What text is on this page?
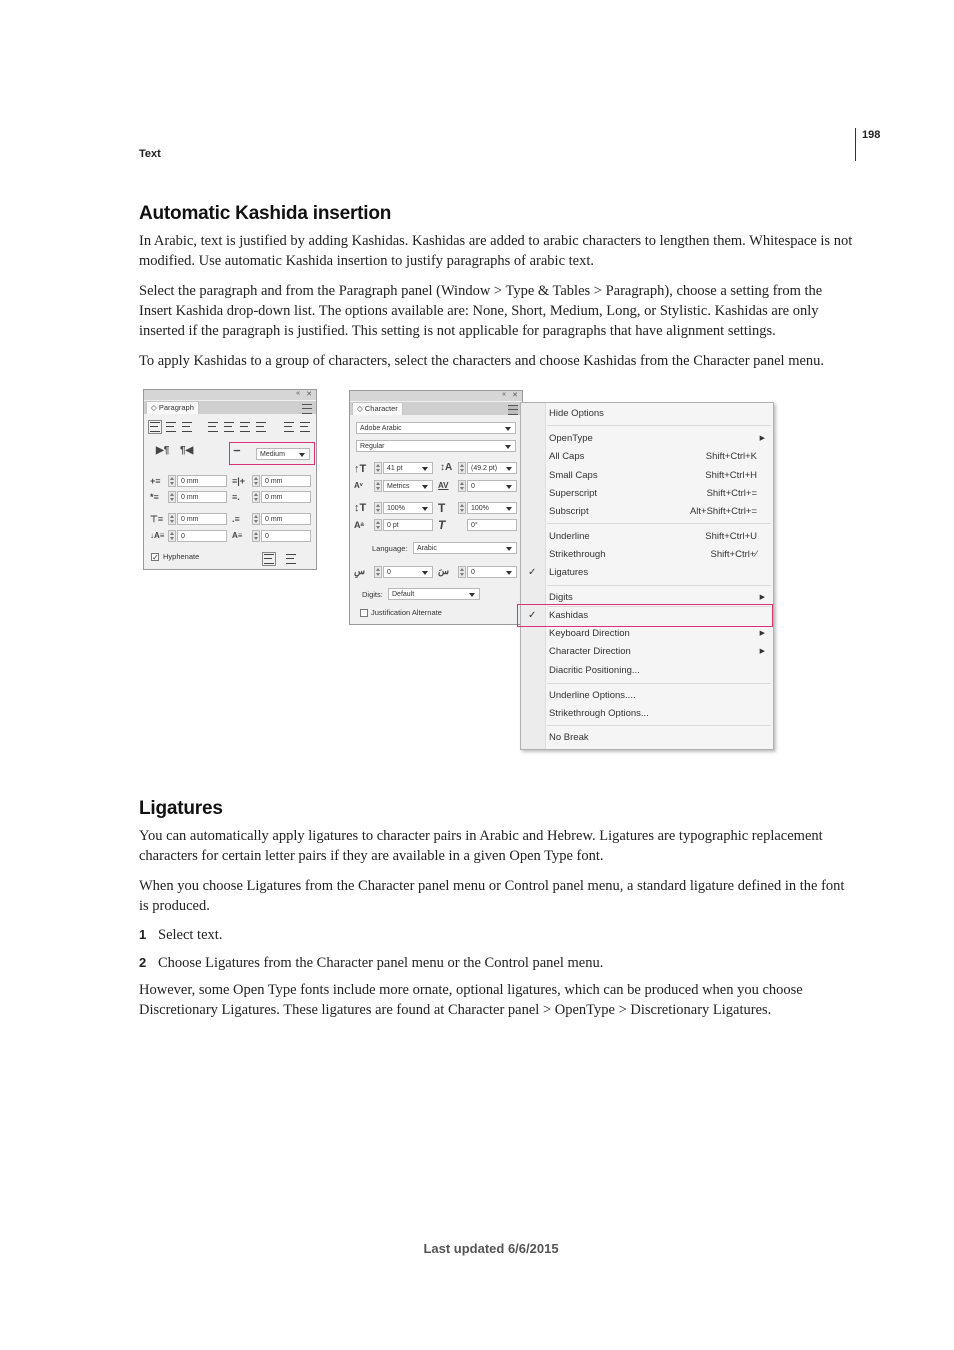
198
Text
Automatic Kashida insertion

In Arabic, text is justified by adding Kashidas. Kashidas are added to arabic characters to lengthen them. Whitespace is not modified. Use automatic Kashida insertion to justify paragraphs of arabic text.

Select the paragraph and from the Paragraph panel (Window > Type & Tables > Paragraph), choose a setting from the Insert Kashida drop-down list. The options available are: None, Short, Medium, Long, or Stylistic. Kashidas are only inserted if the paragraph is justified. This setting is not applicable for paragraphs that have alignment settings.

To apply Kashidas to a group of characters, select the characters and choose Kashidas from the Character panel menu.

« ✕
◇ Paragraph
▶¶ ¶◀	ــ
Medium
+≡	0 mm	≡|+	0 mm
*≡	0 mm	≡.	0 mm
⊤≡	0 mm	.≡	0 mm
↓A≡	0	A≡	0
✓ Hyphenate
« ✕
◇ Character
Adobe Arabic
Regular
↑T	41 pt	↕A	(49.2 pt)
Aᵛ	Metrics	AV	0
↕T	100%	T	100%
Aᵃ	0 pt	T	0°
Language:	Arabic
سِ	0	سَ	0
Digits:	Default
Justification Alternate
Hide Options
OpenType	▶
All Caps	Shift+Ctrl+K
Small Caps	Shift+Ctrl+H
Superscript	Shift+Ctrl+=
Subscript	Alt+Shift+Ctrl+=
Underline	Shift+Ctrl+U
Strikethrough	Shift+Ctrl+⁄
✓ Ligatures
Digits	▶
✓ Kashidas
Keyboard Direction	▶
Character Direction	▶
Diacritic Positioning...
Underline Options....
Strikethrough Options...
No Break
Ligatures

You can automatically apply ligatures to character pairs in Arabic and Hebrew. Ligatures are typographic replacement characters for certain letter pairs if they are available in a given Open Type font.

When you choose Ligatures from the Character panel menu or Control panel menu, a standard ligature defined in the font is produced.

1 Select text.
2 Choose Ligatures from the Character panel menu or the Control panel menu.

However, some Open Type fonts include more ornate, optional ligatures, which can be produced when you choose Discretionary Ligatures. These ligatures are found at Character panel > OpenType > Discretionary Ligatures.

Last updated 6/6/2015
